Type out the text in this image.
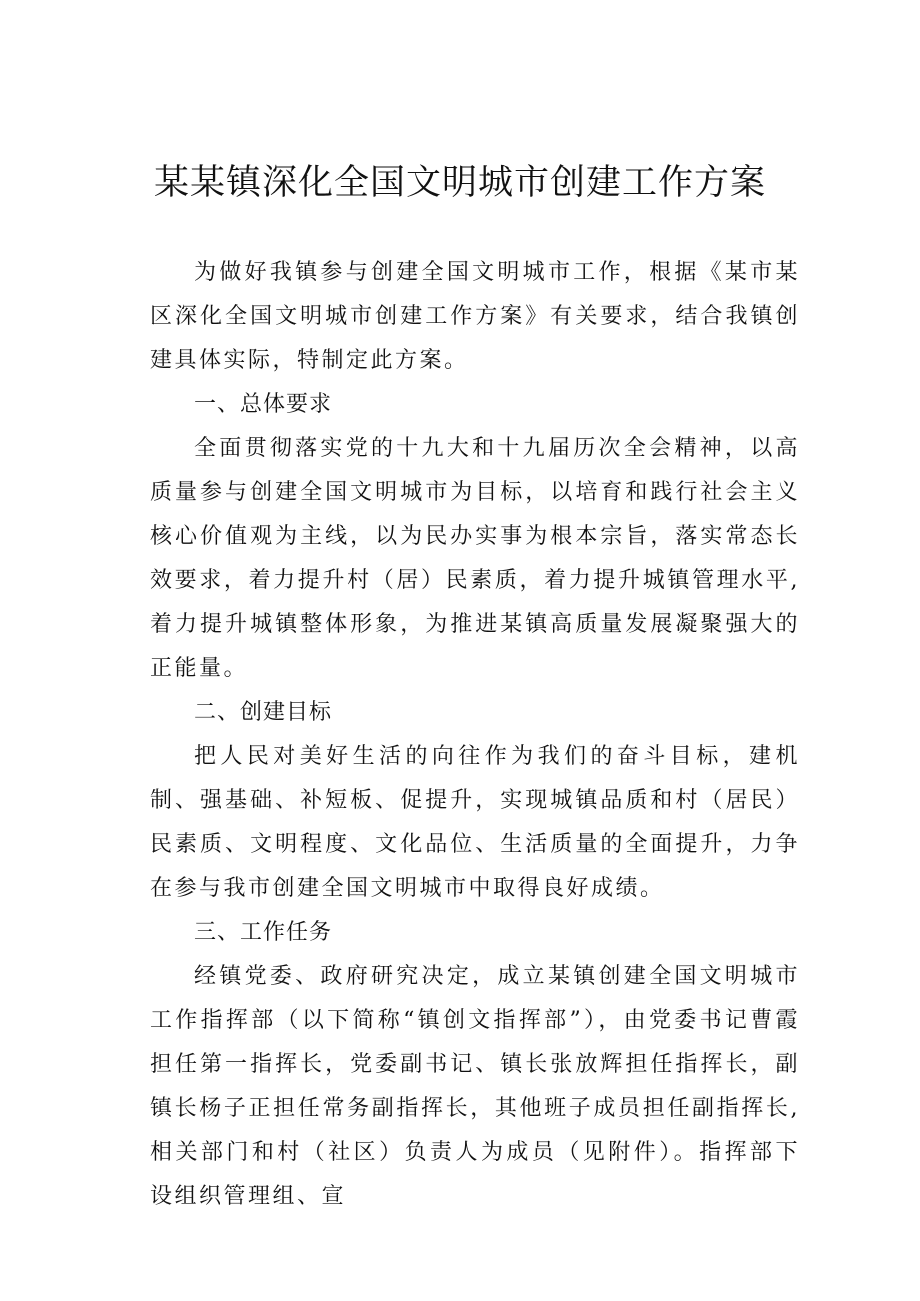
某某镇深化全国文明城市创建工作方案

为做好我镇参与创建全国文明城市工作，根据《某市某区深化全国文明城市创建工作方案》有关要求，结合我镇创建具体实际，特制定此方案。

一、总体要求

全面贯彻落实党的十九大和十九届历次全会精神，以高质量参与创建全国文明城市为目标，以培育和践行社会主义核心价值观为主线，以为民办实事为根本宗旨，落实常态长效要求，着力提升村（居）民素质，着力提升城镇管理水平,着力提升城镇整体形象，为推进某镇高质量发展凝聚强大的正能量。

二、创建目标

把人民对美好生活的向往作为我们的奋斗目标，建机制、强基础、补短板、促提升，实现城镇品质和村（居民）民素质、文明程度、文化品位、生活质量的全面提升，力争在参与我市创建全国文明城市中取得良好成绩。

三、工作任务

经镇党委、政府研究决定，成立某镇创建全国文明城市工作指挥部（以下简称“镇创文指挥部”），由党委书记曹霞担任第一指挥长，党委副书记、镇长张放辉担任指挥长，副镇长杨子正担任常务副指挥长，其他班子成员担任副指挥长,相关部门和村（社区）负责人为成员（见附件）。指挥部下设组织管理组、宣
